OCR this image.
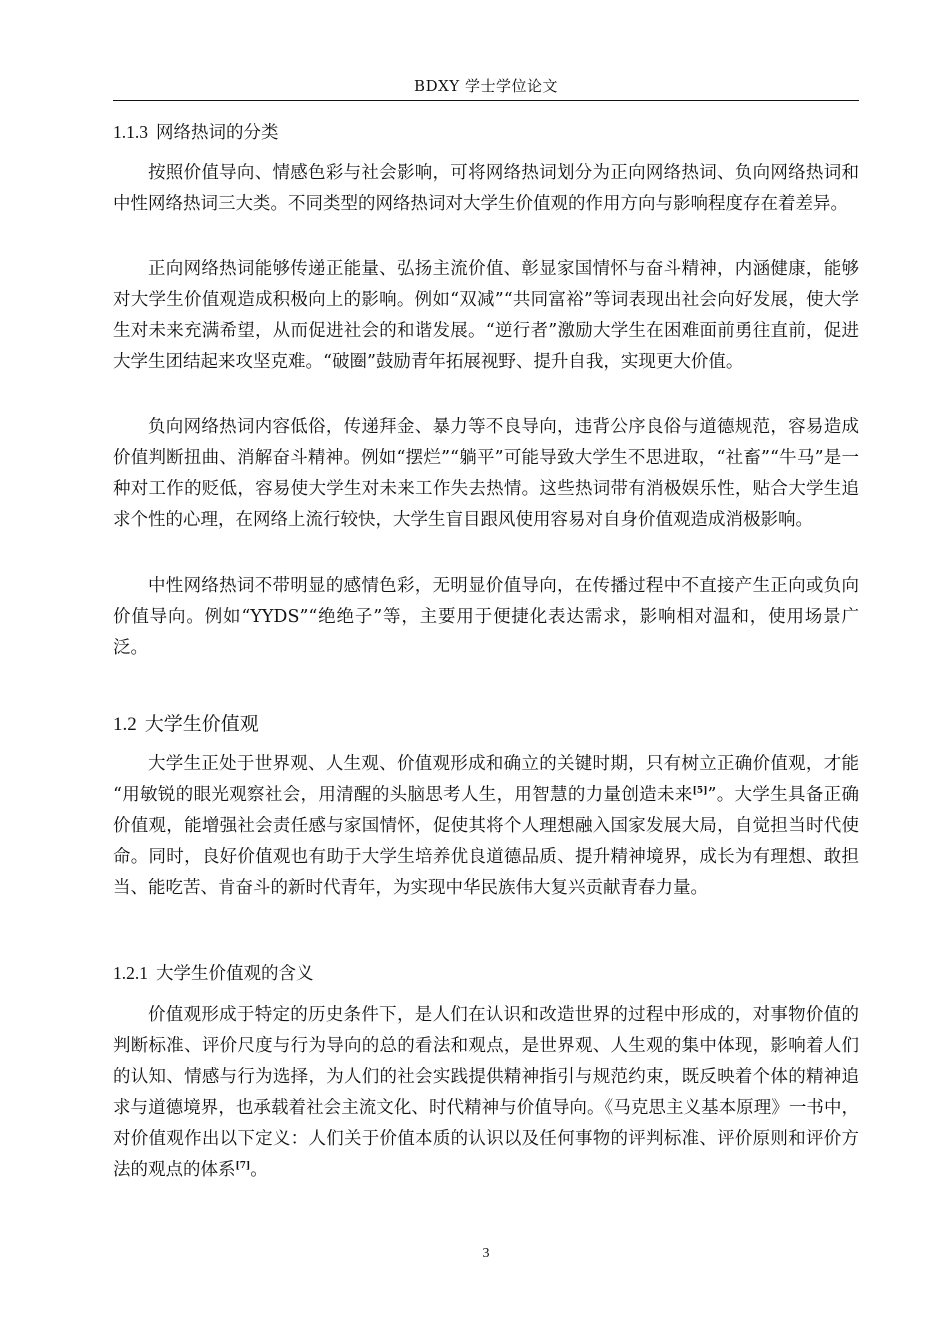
BDXY 学士学位论文
1.1.3 网络热词的分类

按照价值导向、情感色彩与社会影响，可将网络热词划分为正向网络热词、负向网络热词和中性网络热词三大类。不同类型的网络热词对大学生价值观的作用方向与影响程度存在着差异。

正向网络热词能够传递正能量、弘扬主流价值、彰显家国情怀与奋斗精神，内涵健康，能够对大学生价值观造成积极向上的影响。例如“双减”“共同富裕”等词表现出社会向好发展，使大学生对未来充满希望，从而促进社会的和谐发展。“逆行者”激励大学生在困难面前勇往直前，促进大学生团结起来攻坚克难。“破圈”鼓励青年拓展视野、提升自我，实现更大价值。

负向网络热词内容低俗，传递拜金、暴力等不良导向，违背公序良俗与道德规范，容易造成价值判断扭曲、消解奋斗精神。例如“摆烂”“躺平”可能导致大学生不思进取，“社畜”“牛马”是一种对工作的贬低，容易使大学生对未来工作失去热情。这些热词带有消极娱乐性，贴合大学生追求个性的心理，在网络上流行较快，大学生盲目跟风使用容易对自身价值观造成消极影响。

中性网络热词不带明显的感情色彩，无明显价值导向，在传播过程中不直接产生正向或负向价值导向。例如“YYDS”“绝绝子”等，主要用于便捷化表达需求，影响相对温和，使用场景广泛。

1.2 大学生价值观

大学生正处于世界观、人生观、价值观形成和确立的关键时期，只有树立正确价值观，才能 “用敏锐的眼光观察社会，用清醒的头脑思考人生，用智慧的力量创造未来[5]”。大学生具备正确价值观，能增强社会责任感与家国情怀，促使其将个人理想融入国家发展大局，自觉担当时代使命。同时，良好价值观也有助于大学生培养优良道德品质、提升精神境界，成长为有理想、敢担当、能吃苦、肯奋斗的新时代青年，为实现中华民族伟大复兴贡献青春力量。

1.2.1 大学生价值观的含义

价值观形成于特定的历史条件下，是人们在认识和改造世界的过程中形成的，对事物价值的判断标准、评价尺度与行为导向的总的看法和观点，是世界观、人生观的集中体现，影响着人们的认知、情感与行为选择，为人们的社会实践提供精神指引与规范约束，既反映着个体的精神追求与道德境界，也承载着社会主流文化、时代精神与价值导向。《马克思主义基本原理》一书中，对价值观作出以下定义：人们关于价值本质的认识以及任何事物的评判标准、评价原则和评价方法的观点的体系[7]。

3
